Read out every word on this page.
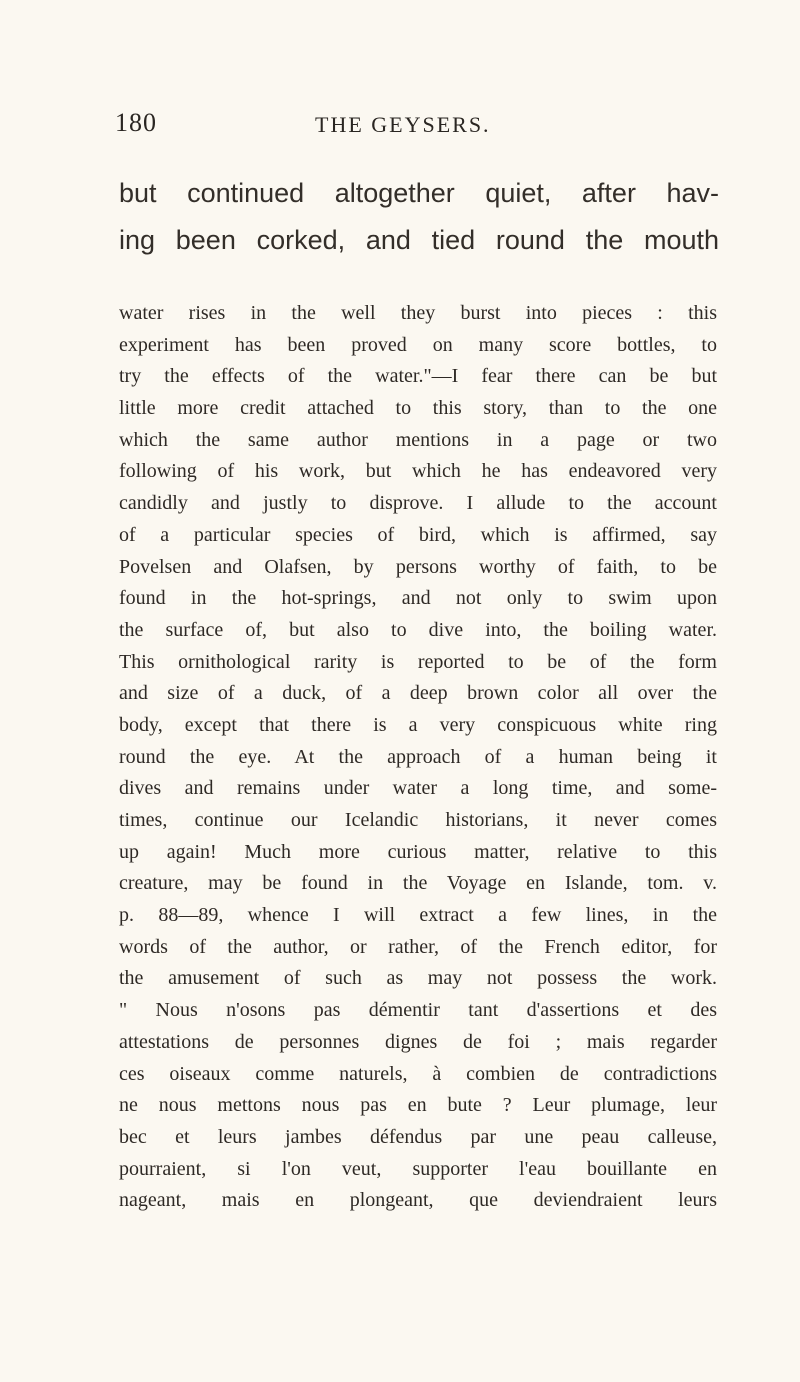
180	THE GEYSERS.
but continued altogether quiet, after hav-
ing been corked, and tied round the mouth
water rises in the well they burst into pieces : this
experiment has been proved on many score bottles, to
try the effects of the water."—I fear there can be but
little more credit attached to this story, than to the one
which the same author mentions in a page or two
following of his work, but which he has endeavored very
candidly and justly to disprove. I allude to the account
of a particular species of bird, which is affirmed, say
Povelsen and Olafsen, by persons worthy of faith, to be
found in the hot-springs, and not only to swim upon
the surface of, but also to dive into, the boiling water.
This ornithological rarity is reported to be of the form
and size of a duck, of a deep brown color all over the
body, except that there is a very conspicuous white ring
round the eye. At the approach of a human being it
dives and remains under water a long time, and some-
times, continue our Icelandic historians, it never comes
up again! Much more curious matter, relative to this
creature, may be found in the Voyage en Islande, tom. v.
p. 88—89, whence I will extract a few lines, in the
words of the author, or rather, of the French editor, for
the amusement of such as may not possess the work.
" Nous n'osons pas démentir tant d'assertions et des
attestations de personnes dignes de foi ; mais regarder
ces oiseaux comme naturels, à combien de contradictions
ne nous mettons nous pas en bute ? Leur plumage, leur
bec et leurs jambes défendus par une peau calleuse,
pourraient, si l'on veut, supporter l'eau bouillante en
nageant, mais en plongeant, que deviendraient leurs
